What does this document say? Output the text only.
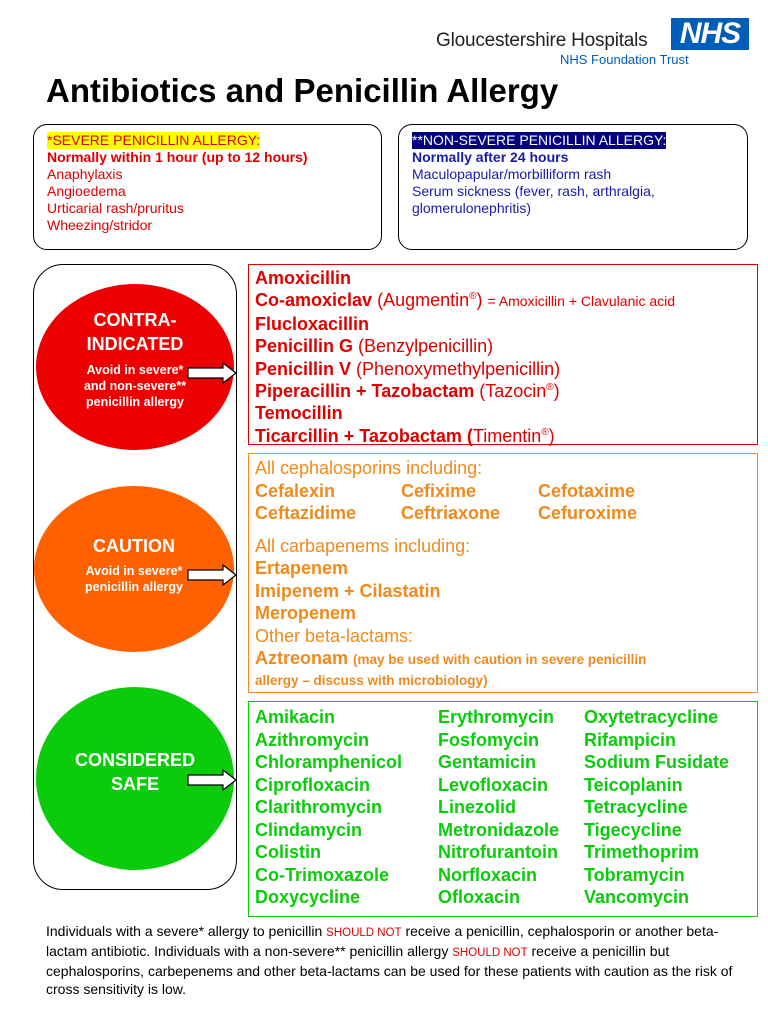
Gloucestershire Hospitals
NHS Foundation Trust
NHS
Antibiotics and Penicillin Allergy
*SEVERE PENICILLIN ALLERGY:
Normally within 1 hour (up to 12 hours)
Anaphylaxis
Angioedema
Urticarial rash/pruritus
Wheezing/stridor
**NON-SEVERE PENICILLIN ALLERGY:
Normally after 24 hours
Maculopapular/morbilliform rash
Serum sickness (fever, rash, arthralgia,
glomerulonephritis)
CONTRA-
INDICATED
Avoid in severe*
and non-severe**
penicillin allergy
CAUTION
Avoid in severe*
penicillin allergy
CONSIDERED
SAFE
Amoxicillin
Co-amoxiclav (Augmentin®) = Amoxicillin + Clavulanic acid
Flucloxacillin
Penicillin G (Benzylpenicillin)
Penicillin V (Phenoxymethylpenicillin)
Piperacillin + Tazobactam (Tazocin®)
Temocillin
Ticarcillin + Tazobactam (Timentin®)
All cephalosporins including:
Cefalexin	Cefixime	Cefotaxime
Ceftazidime Ceftriaxone Cefuroxime
All carbapenems including:
Ertapenem
Imipenem + Cilastatin
Meropenem
Other beta-lactams:
Aztreonam (may be used with caution in severe penicillin
allergy – discuss with microbiology)
Amikacin	Erythromycin Oxytetracycline
Azithromycin	Fosfomycin Rifampicin
Chloramphenicol Gentamicin	Sodium Fusidate
Ciprofloxacin	Levofloxacin Teicoplanin
Clarithromycin	Linezolid	Tetracycline
Clindamycin	Metronidazole Tigecycline
Colistin	Nitrofurantoin Trimethoprim
Co-Trimoxazole	Norfloxacin	Tobramycin
Doxycycline	Ofloxacin	Vancomycin
Individuals with a severe* allergy to penicillin SHOULD NOT receive a penicillin, cephalosporin or another beta-lactam antibiotic. Individuals with a non-severe** penicillin allergy SHOULD NOT receive a penicillin but cephalosporins, carbepenems and other beta-lactams can be used for these patients with caution as the risk of cross sensitivity is low.
